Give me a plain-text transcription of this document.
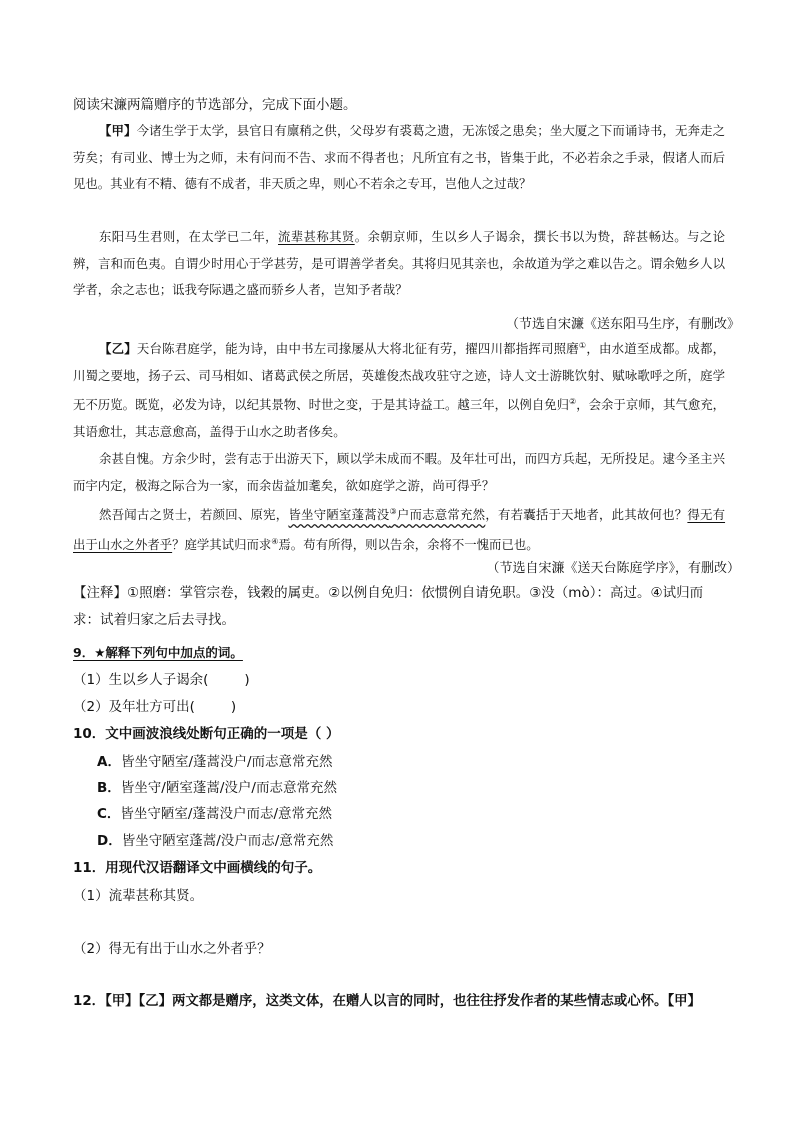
阅读宋濂两篇赠序的节选部分，完成下面小题。
【甲】今诸生学于太学，县官日有廪稍之供，父母岁有裘葛之遗，无冻馁之患矣；坐大厦之下而诵诗书，无奔走之劳矣；有司业、博士为之师，未有问而不告、求而不得者也；凡所宜有之书，皆集于此，不必若余之手录，假诸人而后见也。其业有不精、德有不成者，非天质之卑，则心不若余之专耳，岂他人之过哉？
东阳马生君则，在太学已二年，流辈甚称其贤。余朝京师，生以乡人子谒余，撰长书以为贽，辞甚畅达。与之论辨，言和而色夷。自谓少时用心于学甚劳，是可谓善学者矣。其将归见其亲也，余故道为学之难以告之。谓余勉乡人以学者，余之志也；诋我夸际遇之盛而骄乡人者，岂知予者哉？
（节选自宋濂《送东阳马生序，有删改》
【乙】天台陈君庭学，能为诗，由中书左司掾屡从大将北征有劳，擢四川都指挥司照磨①，由水道至成都。成都，川蜀之要地，扬子云、司马相如、诸葛武侯之所居，英雄俊杰战攻驻守之迹，诗人文士游眺饮射、赋咏歌呼之所，庭学无不历览。既览，必发为诗，以纪其景物、时世之变，于是其诗益工。越三年，以例自免归②，会余于京师，其气愈充，其语愈壮，其志意愈高，盖得于山水之助者侈矣。
余甚自愧。方余少时，尝有志于出游天下，顾以学未成而不暇。及年壮可出，而四方兵起，无所投足。逮今圣主兴而宇内定，极海之际合为一家，而余齿益加耄矣，欲如庭学之游，尚可得乎？
然吾闻古之贤士，若颜回、原宪，皆坐守陋室蓬蒿没③户而志意常充然，有若囊括于天地者，此其故何也？得无有出于山水之外者乎？庭学其试归而求④焉。苟有所得，则以告余，余将不一愧而已也。
（节选自宋濂《送天台陈庭学序》，有删改）
【注释】①照磨：掌管宗卷，钱穀的属吏。②以例自免归：依惯例自请免职。③没（mò）：高过。④试归而求：试着归家之后去寻找。
9．★解释下列句中加点的词。
（1）生以乡人子谒余(	)
（2）及年壮方可出(	)
10．文中画波浪线处断句正确的一项是（ ）
A．皆坐守陋室/蓬蒿没户/而志意常充然
B．皆坐守/陋室蓬蒿/没户/而志意常充然
C．皆坐守陋室/蓬蒿没户而志/意常充然
D．皆坐守陋室蓬蒿/没户而志/意常充然
11．用现代汉语翻译文中画横线的句子。
（1）流辈甚称其贤。
（2）得无有出于山水之外者乎？
12．【甲】【乙】两文都是赠序，这类文体，在赠人以言的同时，也往往抒发作者的某些情志或心怀。【甲】
